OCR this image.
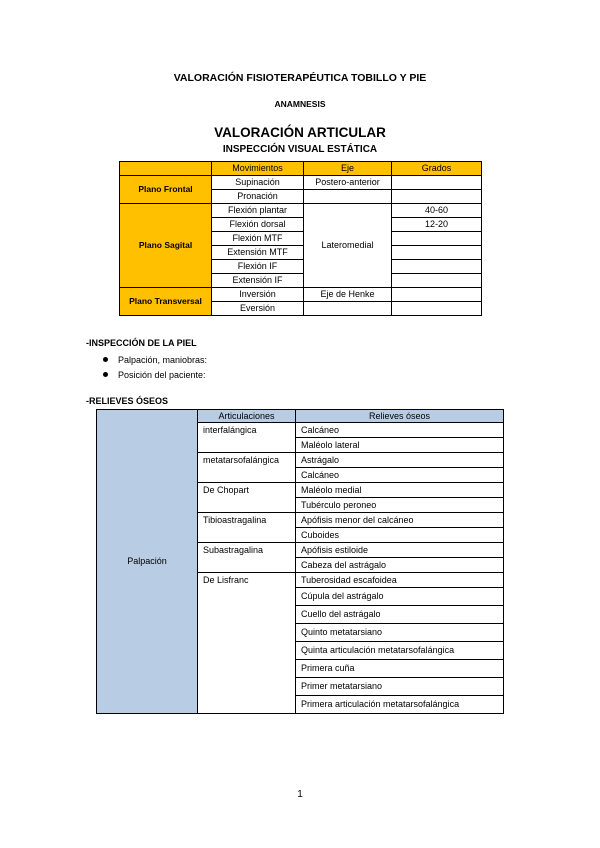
VALORACIÓN FISIOTERAPÉUTICA TOBILLO Y PIE
ANAMNESIS
VALORACIÓN ARTICULAR
INSPECCIÓN VISUAL ESTÁTICA
	Movimientos	Eje	Grados
Plano Frontal	Supinación	Postero-anterior	
	Pronación		
Plano Sagital	Flexión plantar	Lateromedial	40-60
	Flexión dorsal		12-20
	Flexión MTF		
	Extensión MTF		
	Flexión IF		
	Extensión IF		
Plano Transversal	Inversión	Eje de Henke	
	Eversión		
-INSPECCIÓN DE LA PIEL
Palpación, maniobras:
Posición del paciente:
-RELIEVES ÓSEOS
Palpación	Articulaciones	Relieves óseos
	interfalángica	Calcáneo
		Maléolo lateral
	metatarsofalángica	Astrágalo
		Calcáneo
	De Chopart	Maléolo medial
		Tubérculo peroneo
	Tibioastragalina	Apófisis menor del calcáneo
		Cuboides
	Subastragalina	Apófisis estiloide
		Cabeza del astrágalo
	De Lisfranc	Tuberosidad escafoidea
		Cúpula del astrágalo
		Cuello del astrágalo
		Quinto metatarsiano
		Quinta articulación metatarsofalángica
		Primera cuña
		Primer metatarsiano
		Primera articulación metatarsofalángica
1
